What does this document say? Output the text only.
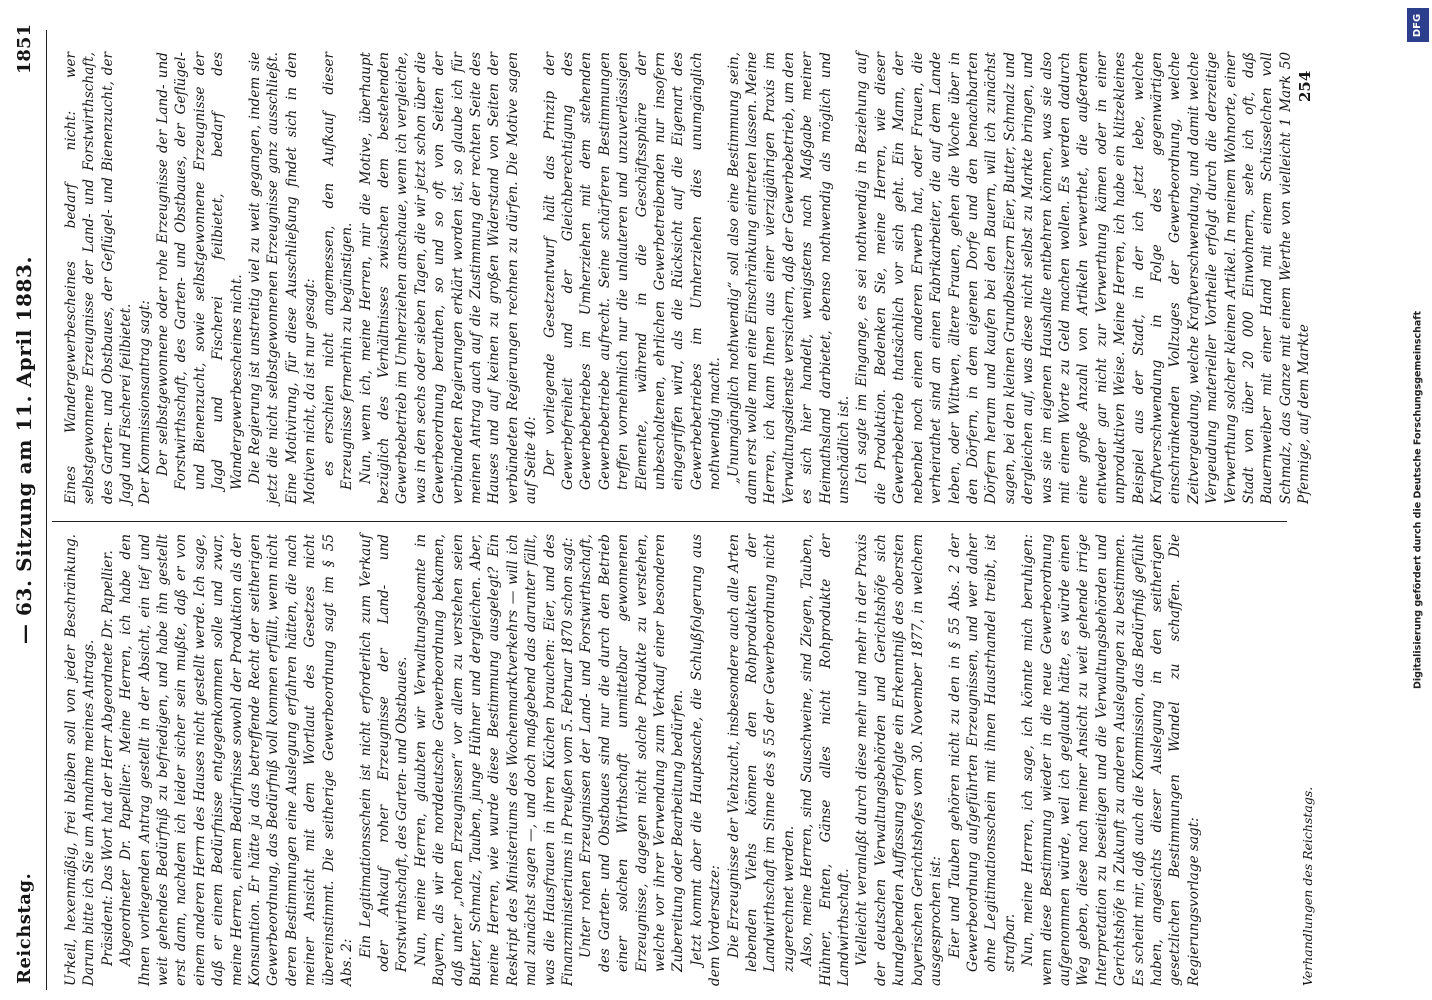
Reichstag.
— 63. Sitzung am 11. April 1883.
1851

Urkeil, hexenmäßig, frei bleiben soll von jeder Beschränkung. Darum bitte ich Sie um Annahme meines Antrags. Präsident: Das Wort hat der Herr Abgeordnete Dr. Papellier. Abgeordneter Dr. Papellier: Meine Herren, ich habe den Ihnen vorliegenden Antrag gestellt in der Absicht, ein tief und weit gehendes Bedürfniß zu befriedigen, und habe ihn gestellt erst dann, nachdem ich leider sicher sein mußte, daß er von einem anderen Herrn des Hauses nicht gestellt werde. Ich sage, daß er einem Bedürfnisse entgegenkommen solle und zwar, meine Herren, einem Bedürfnisse sowohl der Produktion als der Konsumtion. Er hätte ja das betreffende Recht der seitherigen Gewerbeordnung, das Bedürfniß voll kommen erfüllt, wenn nicht deren Bestimmungen eine Auslegung erfahren hätten, die nach meiner Ansicht mit dem Wortlaut des Gesetzes nicht übereinstimmt. Die seitherige Gewerbeordnung sagt im § 55 Abs. 2:

Ein Legitimationsschein ist nicht erforderlich zum Verkauf oder Ankauf roher Erzeugnisse der Land- und Forstwirthschaft, des Garten- und Obstbaues. Nun, meine Herren, glaubten wir Verwaltungsbeamte in Bayern, als wir die norddeutsche Gewerbeordnung bekamen, daß unter „rohen Erzeugnissen“ vor allem zu verstehen seien Butter, Schmalz, Tauben, junge Hühner und dergleichen. Aber, meine Herren, wie wurde diese Bestimmung ausgelegt? Ein Reskript des Ministeriums des Wochenmarktverkehrs — will ich mal zunächst sagen —, und doch maßgebend das darunter fällt, was die Hausfrauen in ihren Küchen brauchen: Eier, und des Finanzministeriums in Preußen vom 5. Februar 1870 schon sagt: Unter rohen Erzeugnissen der Land- und Forstwirthschaft, des Garten- und Obstbaues sind nur die durch den Betrieb einer solchen Wirthschaft unmittelbar gewonnenen Erzeugnisse, dagegen nicht solche Produkte zu verstehen, welche vor ihrer Verwendung zum Verkauf einer besonderen Zubereitung oder Bearbeitung bedürfen. Jetzt kommt aber die Hauptsache, die Schlußfolgerung aus dem Vordersatze: Die Erzeugnisse der Viehzucht, insbesondere auch alle Arten lebenden Viehs können den Rohprodukten der Landwirthschaft im Sinne des § 55 der Gewerbeordnung nicht zugerechnet werden. Also, meine Herren, sind Sauschweine, sind Ziegen, Tauben, Hühner, Enten, Gänse alles nicht Rohprodukte der Landwirthschaft. Vielleicht veranlaßt durch diese mehr und mehr in der Praxis der deutschen Verwaltungsbehörden und Gerichtshöfe sich kundgebenden Auffassung erfolgte ein Erkenntniß des obersten bayerischen Gerichtshofes vom 30. November 1877, in welchem ausgesprochen ist: Eier und Tauben gehören nicht zu den in § 55 Abs. 2 der Gewerbeordnung aufgeführten Erzeugnissen, und wer daher ohne Legitimationsschein mit ihnen Haustrhandel treibt, ist strafbar. Nun, meine Herren, ich sage, ich könnte mich beruhigen: wenn diese Bestimmung wieder in die neue Gewerbeordnung aufgenommen würde, weil ich geglaubt hätte, es würde einen Weg geben, diese nach meiner Ansicht zu weit gehende irrige Interpretation zu beseitigen und die Verwaltungsbehörden und Gerichtshöfe in Zukunft zu anderen Auslegungen zu bestimmen. Es scheint mir, daß auch die Kommission, das Bedürfniß gefühlt haben, angesichts dieser Auslegung in den seitherigen gesetzlichen Bestimmungen Wandel zu schaffen. Die Regierungsvorlage sagt:

Eines Wandergewerbescheines bedarf nicht: wer selbstgewonnene Erzeugnisse der Land- und Forstwirthschaft, des Garten- und Obstbaues, der Geflügel- und Bienenzucht, der Jagd und Fischerei feilbietet. Der Kommissionsantrag sagt: Der selbstgewonnene oder rohe Erzeugnisse der Land- und Forstwirthschaft, des Garten- und Obstbaues, der Geflügel- und Bienenzucht, sowie selbstgewonnene Erzeugnisse der Jagd und Fischerei feilbietet, bedarf des Wandergewerbescheines nicht. Die Regierung ist unstreitig viel zu weit gegangen, indem sie jetzt die nicht selbstgewonnenen Erzeugnisse ganz ausschließt. Eine Motivirung, für diese Ausschließung findet sich in den Motiven nicht, da ist nur gesagt: es erschien nicht angemessen, den Aufkauf dieser Erzeugnisse fernerhin zu begünstigen. Nun, wenn ich, meine Herren, mir die Motive, überhaupt bezüglich des Verhältnisses zwischen dem bestehenden Gewerbebetrieb im Umherziehen anschaue, wenn ich vergleiche, was in den sechs oder sieben Tagen, die wir jetzt schon über die Gewerbeordnung berathen, so und so oft von Seiten der verbündeten Regierungen erklärt worden ist, so glaube ich für meinen Antrag auch auf die Zustimmung der rechten Seite des Hauses und auf keinen zu großen Widerstand von Seiten der verbündeten Regierungen rechnen zu dürfen. Die Motive sagen auf Seite 40: Der vorliegende Gesetzentwurf hält das Prinzip der Gewerbefreiheit und der Gleichberechtigung des Gewerbebetriebes im Umherziehen mit dem stehenden Gewerbebetriebe aufrecht. Seine schärferen Bestimmungen treffen vornehmlich nur die unlauteren und unzuverlässigen Elemente, während in die Geschäftssphäre der unbescholtenen, ehrlichen Gewerbetreibenden nur insofern eingegriffen wird, als die Rücksicht auf die Eigenart des Gewerbebetriebes im Umherziehen dies unumgänglich nothwendig macht. „Unumgänglich nothwendig“ soll also eine Bestimmung sein, dann erst wolle man eine Einschränkung eintreten lassen. Meine Herren, ich kann Ihnen aus einer vierzigjährigen Praxis im Verwaltungsdienste versichern, daß der Gewerbebetrieb, um den es sich hier handelt, wenigstens nach Maßgabe meiner Heimathsland darbietet, ebenso nothwendig als möglich und unschädlich ist. Ich sagte im Eingange, es sei nothwendig in Beziehung auf die Produktion. Bedenken Sie, meine Herren, wie dieser Gewerbebetrieb thatsächlich vor sich geht. Ein Mann, der nebenbei noch einen anderen Erwerb hat, oder Frauen, die verheirathet sind an einen Fabrikarbeiter, die auf dem Lande leben, oder Wittwen, ältere Frauen, gehen die Woche über in den Dörfern, in dem eigenen Dorfe und den benachbarten Dörfern herum und kaufen bei den Bauern, will ich zunächst sagen, bei den kleinen Grundbesitzern Eier, Butter, Schmalz und dergleichen auf, was diese nicht selbst zu Markte bringen, und was sie im eigenen Haushalte entbehren können, was sie also mit einem Worte zu Geld machen wollen. Es werden dadurch eine große Anzahl von Artikeln verwerthet, die außerdem entweder gar nicht zur Verwerthung kämen oder in einer unproduktiven Weise. Meine Herren, ich habe ein klitzekleines Beispiel aus der Stadt, in der ich jetzt lebe, welche Kraftverschwendung in Folge des gegenwärtigen einschränkenden Vollzuges der Gewerbeordnung, welche Zeitvergeudung, welche Kraftverschwendung, und damit welche Vergeudung materieller Vortheile erfolgt durch die derzeitige Verwerthung solcher kleinen Artikel. In meinem Wohnorte, einer Stadt von über 20 000 Einwohnern, sehe ich oft, daß Bauernweiber mit einer Hand mit einem Schüsselchen voll Schmalz, das Ganze mit einem Werthe von vielleicht 1 Mark 50 Pfennige, auf dem Markte

Verhandlungen des Reichstags.
254
Digitalisierung gefördert durch die Deutsche Forschungsgemeinschaft
DFG
